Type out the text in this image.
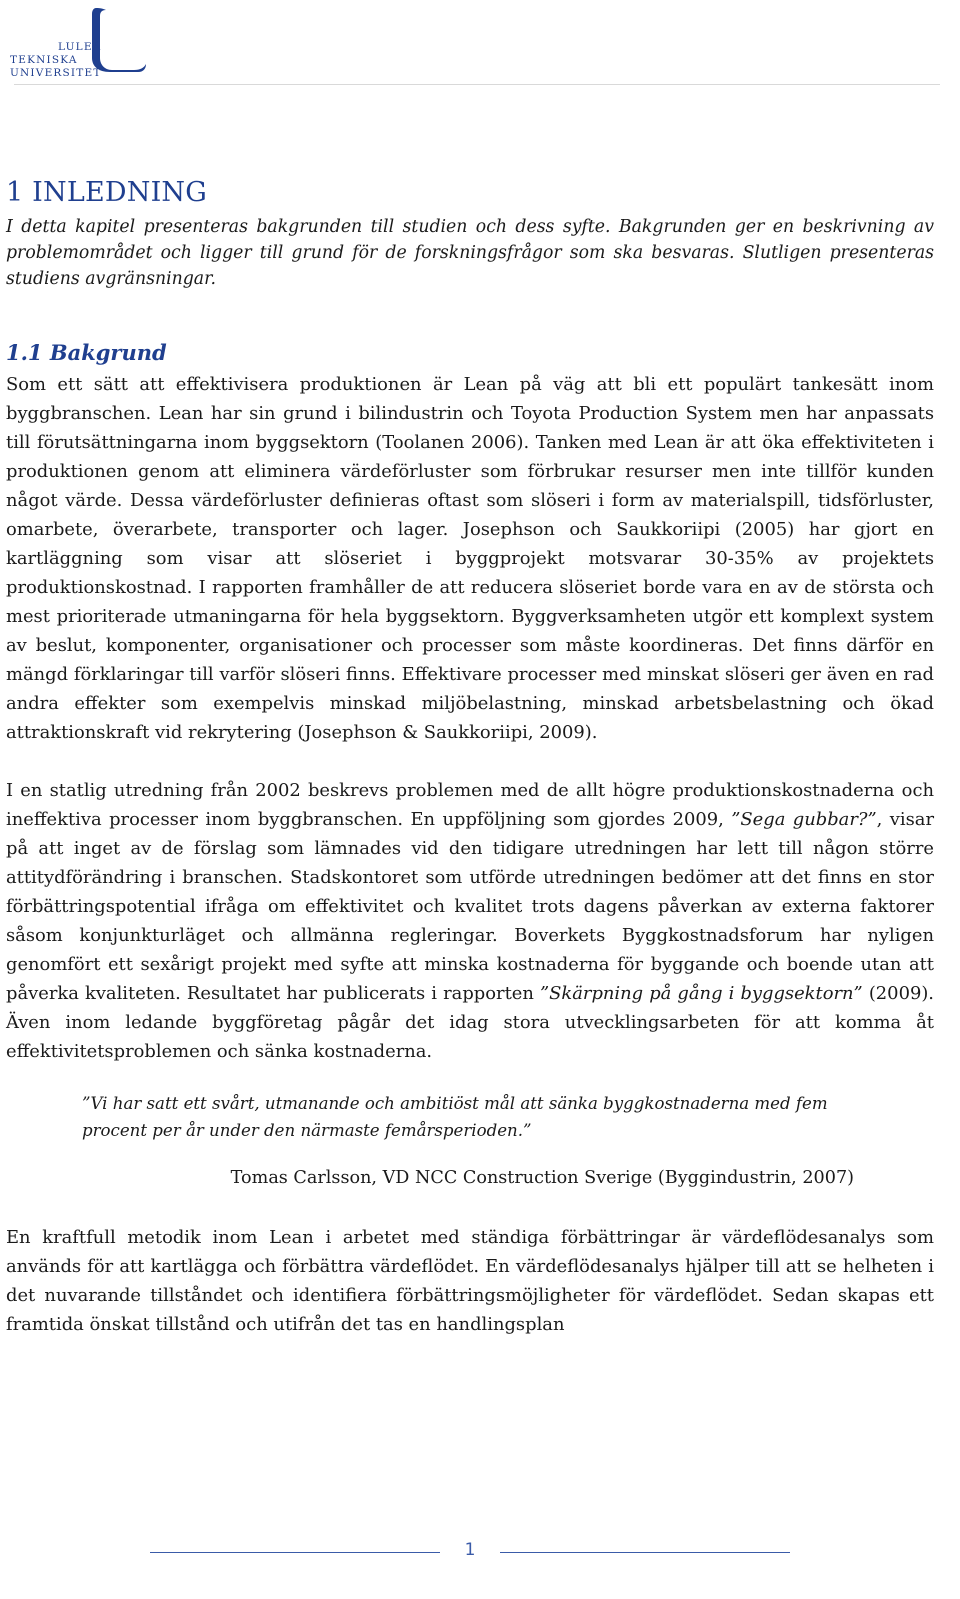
LULEÅ
TEKNISKA
UNIVERSITET
1 INLEDNING

I detta kapitel presenteras bakgrunden till studien och dess syfte. Bakgrunden ger en beskrivning av problemområdet och ligger till grund för de forskningsfrågor som ska besvaras. Slutligen presenteras studiens avgränsningar.

1.1 Bakgrund

Som ett sätt att effektivisera produktionen är Lean på väg att bli ett populärt tankesätt inom byggbranschen. Lean har sin grund i bilindustrin och Toyota Production System men har anpassats till förutsättningarna inom byggsektorn (Toolanen 2006). Tanken med Lean är att öka effektiviteten i produktionen genom att eliminera värdeförluster som förbrukar resurser men inte tillför kunden något värde. Dessa värdeförluster definieras oftast som slöseri i form av materialspill, tidsförluster, omarbete, överarbete, transporter och lager. Josephson och Saukkoriipi (2005) har gjort en kartläggning som visar att slöseriet i byggprojekt motsvarar 30-35% av projektets produktionskostnad. I rapporten framhåller de att reducera slöseriet borde vara en av de största och mest prioriterade utmaningarna för hela byggsektorn. Byggverksamheten utgör ett komplext system av beslut, komponenter, organisationer och processer som måste koordineras. Det finns därför en mängd förklaringar till varför slöseri finns. Effektivare processer med minskat slöseri ger även en rad andra effekter som exempelvis minskad miljöbelastning, minskad arbetsbelastning och ökad attraktionskraft vid rekrytering (Josephson & Saukkoriipi, 2009).

I en statlig utredning från 2002 beskrevs problemen med de allt högre produktionskostnaderna och ineffektiva processer inom byggbranschen. En uppföljning som gjordes 2009, ”Sega gubbar?”, visar på att inget av de förslag som lämnades vid den tidigare utredningen har lett till någon större attitydförändring i branschen. Stadskontoret som utförde utredningen bedömer att det finns en stor förbättringspotential ifråga om effektivitet och kvalitet trots dagens påverkan av externa faktorer såsom konjunkturläget och allmänna regleringar. Boverkets Byggkostnadsforum har nyligen genomfört ett sexårigt projekt med syfte att minska kostnaderna för byggande och boende utan att påverka kvaliteten. Resultatet har publicerats i rapporten ”Skärpning på gång i byggsektorn” (2009). Även inom ledande byggföretag pågår det idag stora utvecklingsarbeten för att komma åt effektivitetsproblemen och sänka kostnaderna.

”Vi har satt ett svårt, utmanande och ambitiöst mål att sänka byggkostnaderna med fem procent per år under den närmaste femårsperioden.”

Tomas Carlsson, VD NCC Construction Sverige (Byggindustrin, 2007)

En kraftfull metodik inom Lean i arbetet med ständiga förbättringar är värdeflödesanalys som används för att kartlägga och förbättra värdeflödet. En värdeflödesanalys hjälper till att se helheten i det nuvarande tillståndet och identifiera förbättringsmöjligheter för värdeflödet. Sedan skapas ett framtida önskat tillstånd och utifrån det tas en handlingsplan

1
